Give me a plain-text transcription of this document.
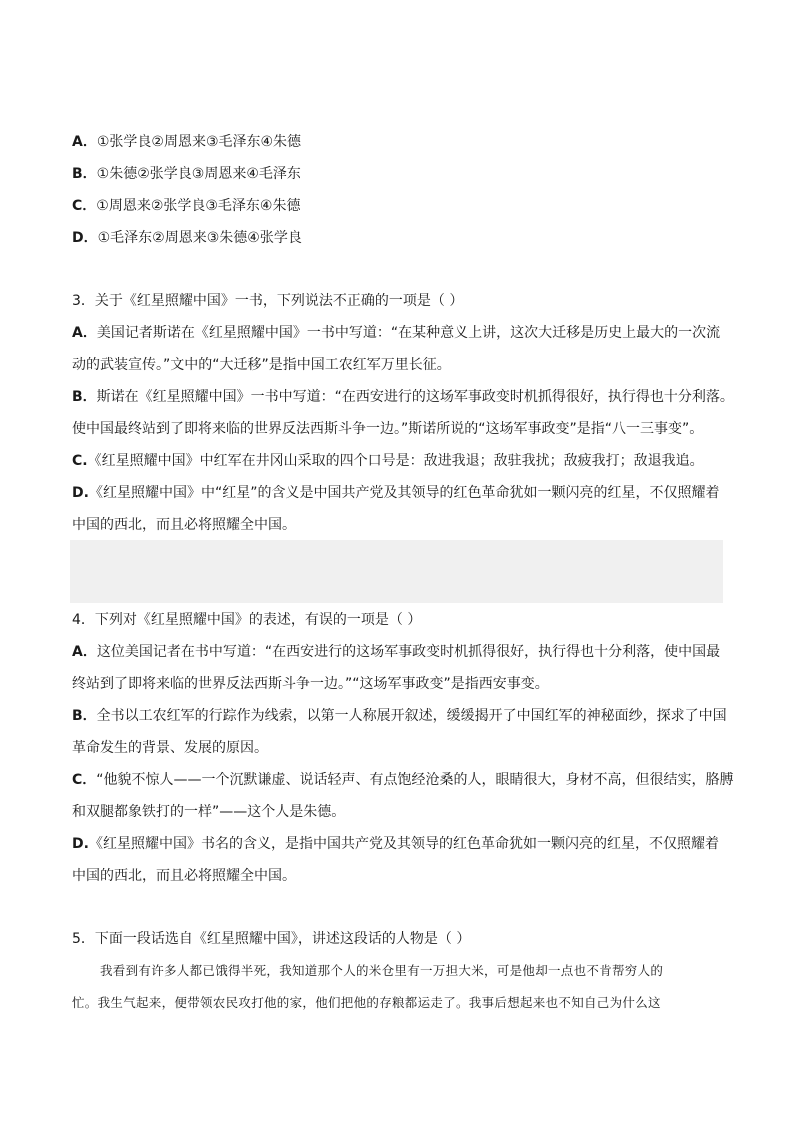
A．①张学良②周恩来③毛泽东④朱德
B．①朱德②张学良③周恩来④毛泽东
C．①周恩来②张学良③毛泽东④朱德
D．①毛泽东②周恩来③朱德④张学良
3．关于《红星照耀中国》一书，下列说法不正确的一项是（ ）
A．美国记者斯诺在《红星照耀中国》一书中写道：“在某种意义上讲，这次大迁移是历史上最大的一次流
动的武装宣传。”文中的“大迁移”是指中国工农红军万里长征。
B．斯诺在《红星照耀中国》一书中写道：“在西安进行的这场军事政变时机抓得很好，执行得也十分利落。
使中国最终站到了即将来临的世界反法西斯斗争一边。”斯诺所说的“这场军事政变”是指“八一三事变”。
C.《红星照耀中国》中红军在井冈山采取的四个口号是：敌进我退；敌驻我扰；敌疲我打；敌退我追。
D.《红星照耀中国》中“红星”的含义是中国共产党及其领导的红色革命犹如一颗闪亮的红星，不仅照耀着
中国的西北，而且必将照耀全中国。
4．下列对《红星照耀中国》的表述，有误的一项是（ ）
A．这位美国记者在书中写道：“在西安进行的这场军事政变时机抓得很好，执行得也十分利落，使中国最
终站到了即将来临的世界反法西斯斗争一边。”“这场军事政变”是指西安事变。
B．全书以工农红军的行踪作为线索，以第一人称展开叙述，缓缓揭开了中国红军的神秘面纱，探求了中国
革命发生的背景、发展的原因。
C．“他貌不惊人——一个沉默谦虚、说话轻声、有点饱经沧桑的人，眼睛很大，身材不高，但很结实，胳膊
和双腿都象铁打的一样”——这个人是朱德。
D.《红星照耀中国》书名的含义，是指中国共产党及其领导的红色革命犹如一颗闪亮的红星，不仅照耀着
中国的西北，而且必将照耀全中国。
5．下面一段话选自《红星照耀中国》，讲述这段话的人物是（ ）
我看到有许多人都已饿得半死，我知道那个人的米仓里有一万担大米，可是他却一点也不肯帮穷人的
忙。我生气起来，便带领农民攻打他的家，他们把他的存粮都运走了。我事后想起来也不知自己为什么这
